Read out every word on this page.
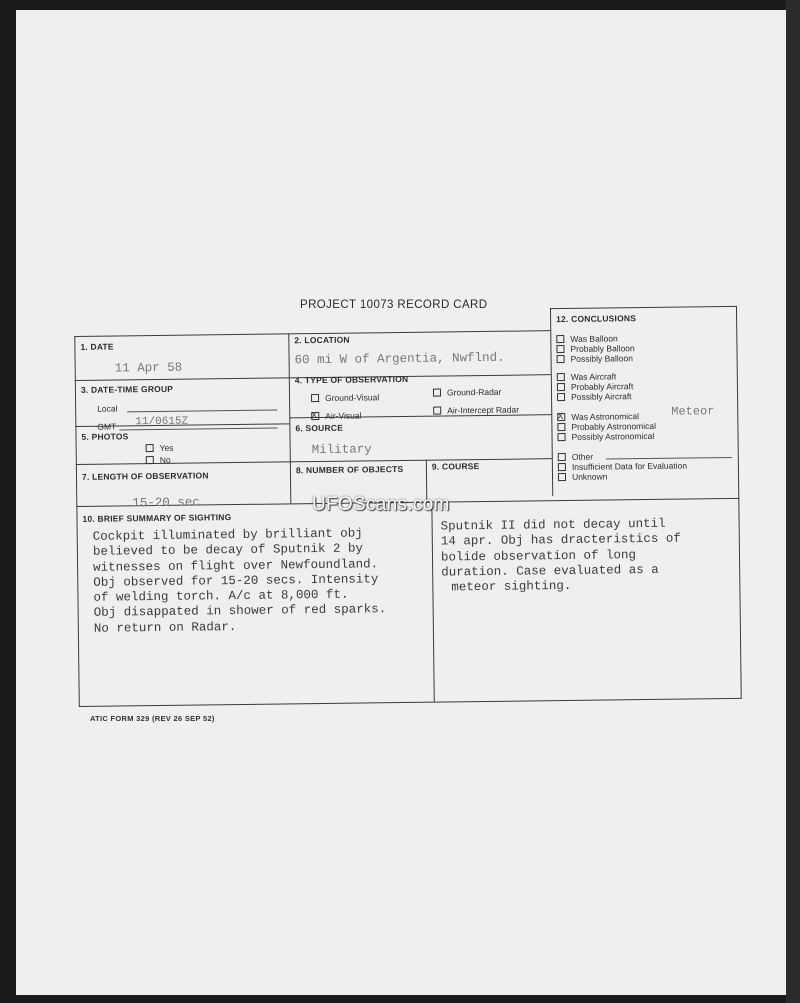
PROJECT 10073 RECORD CARD
1. DATE
11 Apr 58
2. LOCATION
60 mi W of Argentia, Nwflnd.
3. DATE-TIME GROUP
Local
GMT 11/0615Z
4. TYPE OF OBSERVATION
Ground-Visual
Ground-Radar
X Air-Visual
Air-Intercept Radar
5. PHOTOS
Yes
No
6. SOURCE
Military
7. LENGTH OF OBSERVATION
15-20 sec
8. NUMBER OF OBJECTS	9. COURSE
12. CONCLUSIONS
Was Balloon
Probably Balloon
Possibly Balloon
Was Aircraft
Probably Aircraft
Possibly Aircraft
X Was Astronomical	Meteor
Probably Astronomical
Possibly Astronomical
Other
Insufficient Data for Evaluation
Unknown
10. BRIEF SUMMARY OF SIGHTING
Cockpit illuminated by brilliant obj
believed to be decay of Sputnik 2 by
witnesses on flight over Newfoundland.
Obj observed for 15-20 secs. Intensity
of welding torch. A/c at 8,000 ft.
Obj disappated in shower of red sparks.
No return on Radar.
Sputnik II did not decay until
14 apr. Obj has dracteristics of
bolide observation of long
duration. Case evaluated as a
meteor sighting.
UFOScans.com
ATIC FORM 329 (REV 26 SEP 52)
